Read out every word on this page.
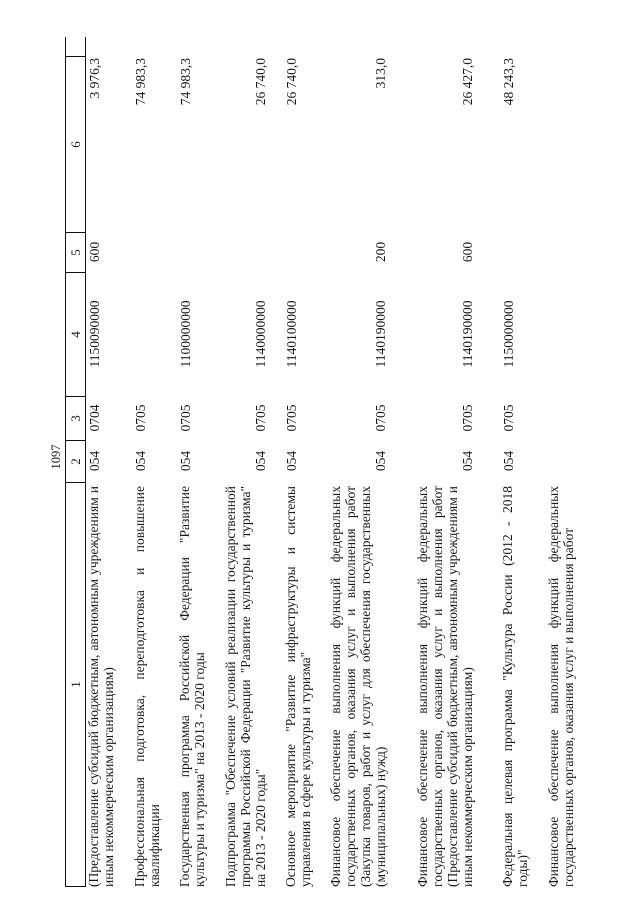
1097
1
2
3
4
5
6
(Предоставление субсидий бюджетным, автономным учреждениям и иным некоммерческим организациям)
054
0704
1150090000
600
3 976,3
Профессиональная подготовка, переподготовка и повышение квалификации
054
0705
74 983,3
Государственная программа Российской Федерации "Развитие культуры и туризма" на 2013 - 2020 годы
054
0705
1100000000
74 983,3
Подпрограмма "Обеспечение условий реализации государственной программы Российской Федерации "Развитие культуры и туризма" на 2013 - 2020 годы"
054
0705
1140000000
26 740,0
Основное мероприятие "Развитие инфраструктуры и системы управления в сфере культуры и туризма"
054
0705
1140100000
26 740,0
Финансовое обеспечение выполнения функций федеральных государственных органов, оказания услуг и выполнения работ (Закупка товаров, работ и услуг для обеспечения государственных (муниципальных) нужд)
054
0705
1140190000
200
313,0
Финансовое обеспечение выполнения функций федеральных государственных органов, оказания услуг и выполнения работ (Предоставление субсидий бюджетным, автономным учреждениям и иным некоммерческим организациям)
054
0705
1140190000
600
26 427,0
Федеральная целевая программа "Культура России (2012 - 2018 годы)"
054
0705
1150000000
48 243,3
Финансовое обеспечение выполнения функций федеральных государственных органов, оказания услуг и выполнения работ
